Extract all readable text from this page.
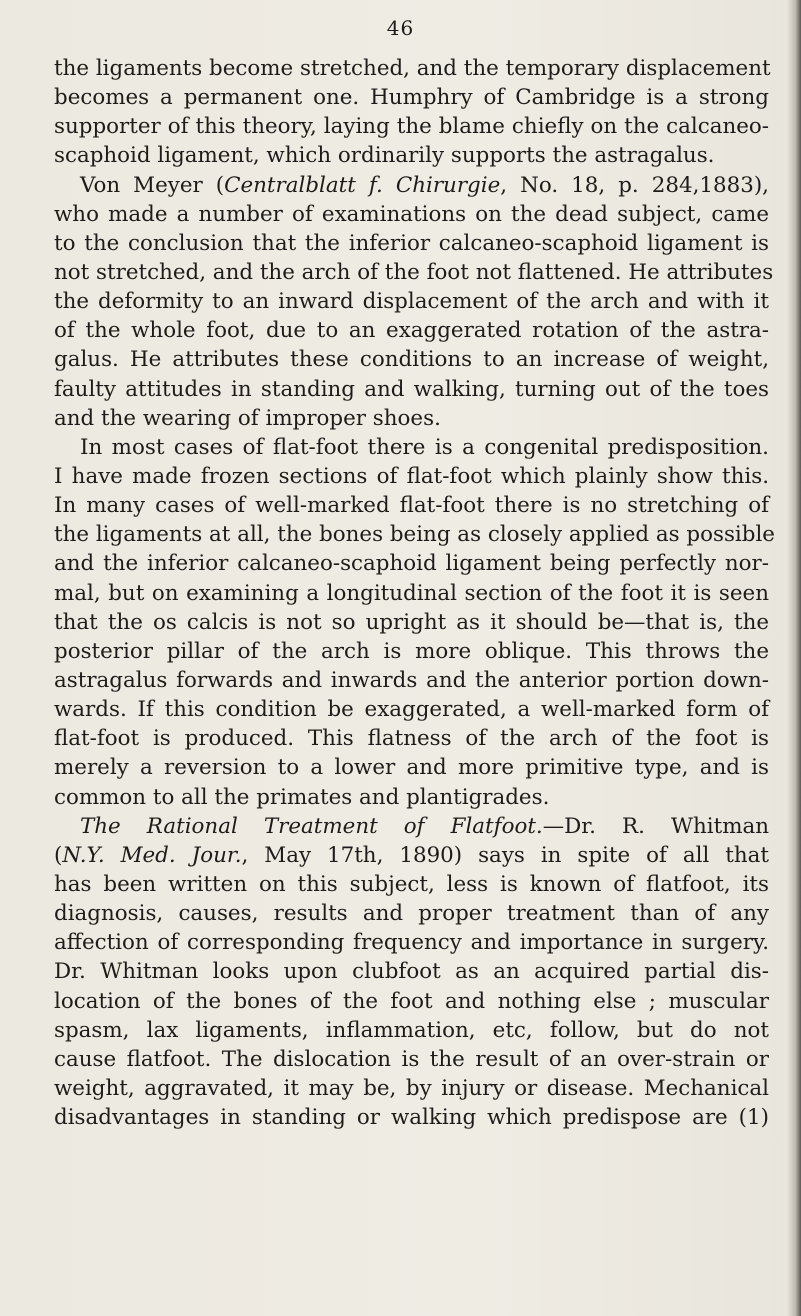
46
the ligaments become stretched, and the temporary displacement
becomes a permanent one. Humphry of Cambridge is a strong
supporter of this theory, laying the blame chiefly on the calcaneo-
scaphoid ligament, which ordinarily supports the astragalus.
Von Meyer (Centralblatt f. Chirurgie, No. 18, p. 284,1883),
who made a number of examinations on the dead subject, came
to the conclusion that the inferior calcaneo-scaphoid ligament is
not stretched, and the arch of the foot not flattened. He attributes
the deformity to an inward displacement of the arch and with it
of the whole foot, due to an exaggerated rotation of the astra-
galus. He attributes these conditions to an increase of weight,
faulty attitudes in standing and walking, turning out of the toes
and the wearing of improper shoes.
In most cases of flat-foot there is a congenital predisposition.
I have made frozen sections of flat-foot which plainly show this.
In many cases of well-marked flat-foot there is no stretching of
the ligaments at all, the bones being as closely applied as possible
and the inferior calcaneo-scaphoid ligament being perfectly nor-
mal, but on examining a longitudinal section of the foot it is seen
that the os calcis is not so upright as it should be—that is, the
posterior pillar of the arch is more oblique. This throws the
astragalus forwards and inwards and the anterior portion down-
wards. If this condition be exaggerated, a well-marked form of
flat-foot is produced. This flatness of the arch of the foot is
merely a reversion to a lower and more primitive type, and is
common to all the primates and plantigrades.
The Rational Treatment of Flatfoot.—Dr. R. Whitman
(N.Y. Med. Jour., May 17th, 1890) says in spite of all that
has been written on this subject, less is known of flatfoot, its
diagnosis, causes, results and proper treatment than of any
affection of corresponding frequency and importance in surgery.
Dr. Whitman looks upon clubfoot as an acquired partial dis-
location of the bones of the foot and nothing else ; muscular
spasm, lax ligaments, inflammation, etc, follow, but do not
cause flatfoot. The dislocation is the result of an over-strain or
weight, aggravated, it may be, by injury or disease. Mechanical
disadvantages in standing or walking which predispose are (1)
